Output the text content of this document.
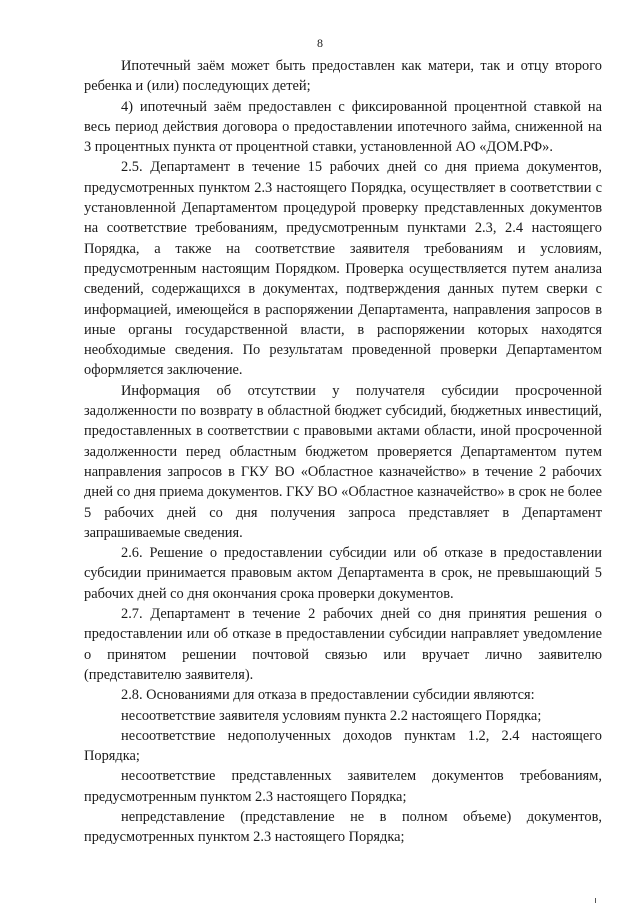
8

Ипотечный заём может быть предоставлен как матери, так и отцу второго ребенка и (или) последующих детей;

4) ипотечный заём предоставлен с фиксированной процентной ставкой на весь период действия договора о предоставлении ипотечного займа, сниженной на 3 процентных пункта от процентной ставки, установленной АО «ДОМ.РФ».

2.5. Департамент в течение 15 рабочих дней со дня приема документов, предусмотренных пунктом 2.3 настоящего Порядка, осуществляет в соответствии с установленной Департаментом процедурой проверку представленных документов на соответствие требованиям, предусмотренным пунктами 2.3, 2.4 настоящего Порядка, а также на соответствие заявителя требованиям и условиям, предусмотренным настоящим Порядком. Проверка осуществляется путем анализа сведений, содержащихся в документах, подтверждения данных путем сверки с информацией, имеющейся в распоряжении Департамента, направления запросов в иные органы государственной власти, в распоряжении которых находятся необходимые сведения. По результатам проведенной проверки Департаментом оформляется заключение.

Информация об отсутствии у получателя субсидии просроченной задолженности по возврату в областной бюджет субсидий, бюджетных инвестиций, предоставленных в соответствии с правовыми актами области, иной просроченной задолженности перед областным бюджетом проверяется Департаментом путем направления запросов в ГКУ ВО «Областное казначейство» в течение 2 рабочих дней со дня приема документов. ГКУ ВО «Областное казначейство» в срок не более 5 рабочих дней со дня получения запроса представляет в Департамент запрашиваемые сведения.

2.6. Решение о предоставлении субсидии или об отказе в предоставлении субсидии принимается правовым актом Департамента в срок, не превышающий 5 рабочих дней со дня окончания срока проверки документов.

2.7. Департамент в течение 2 рабочих дней со дня принятия решения о предоставлении или об отказе в предоставлении субсидии направляет уведомление о принятом решении почтовой связью или вручает лично заявителю (представителю заявителя).

2.8. Основаниями для отказа в предоставлении субсидии являются:

несоответствие заявителя условиям пункта 2.2 настоящего Порядка;

несоответствие недополученных доходов пунктам 1.2, 2.4 настоящего Порядка;

несоответствие представленных заявителем документов требованиям, предусмотренным пунктом 2.3 настоящего Порядка;

непредставление (представление не в полном объеме) документов, предусмотренных пунктом 2.3 настоящего Порядка;
